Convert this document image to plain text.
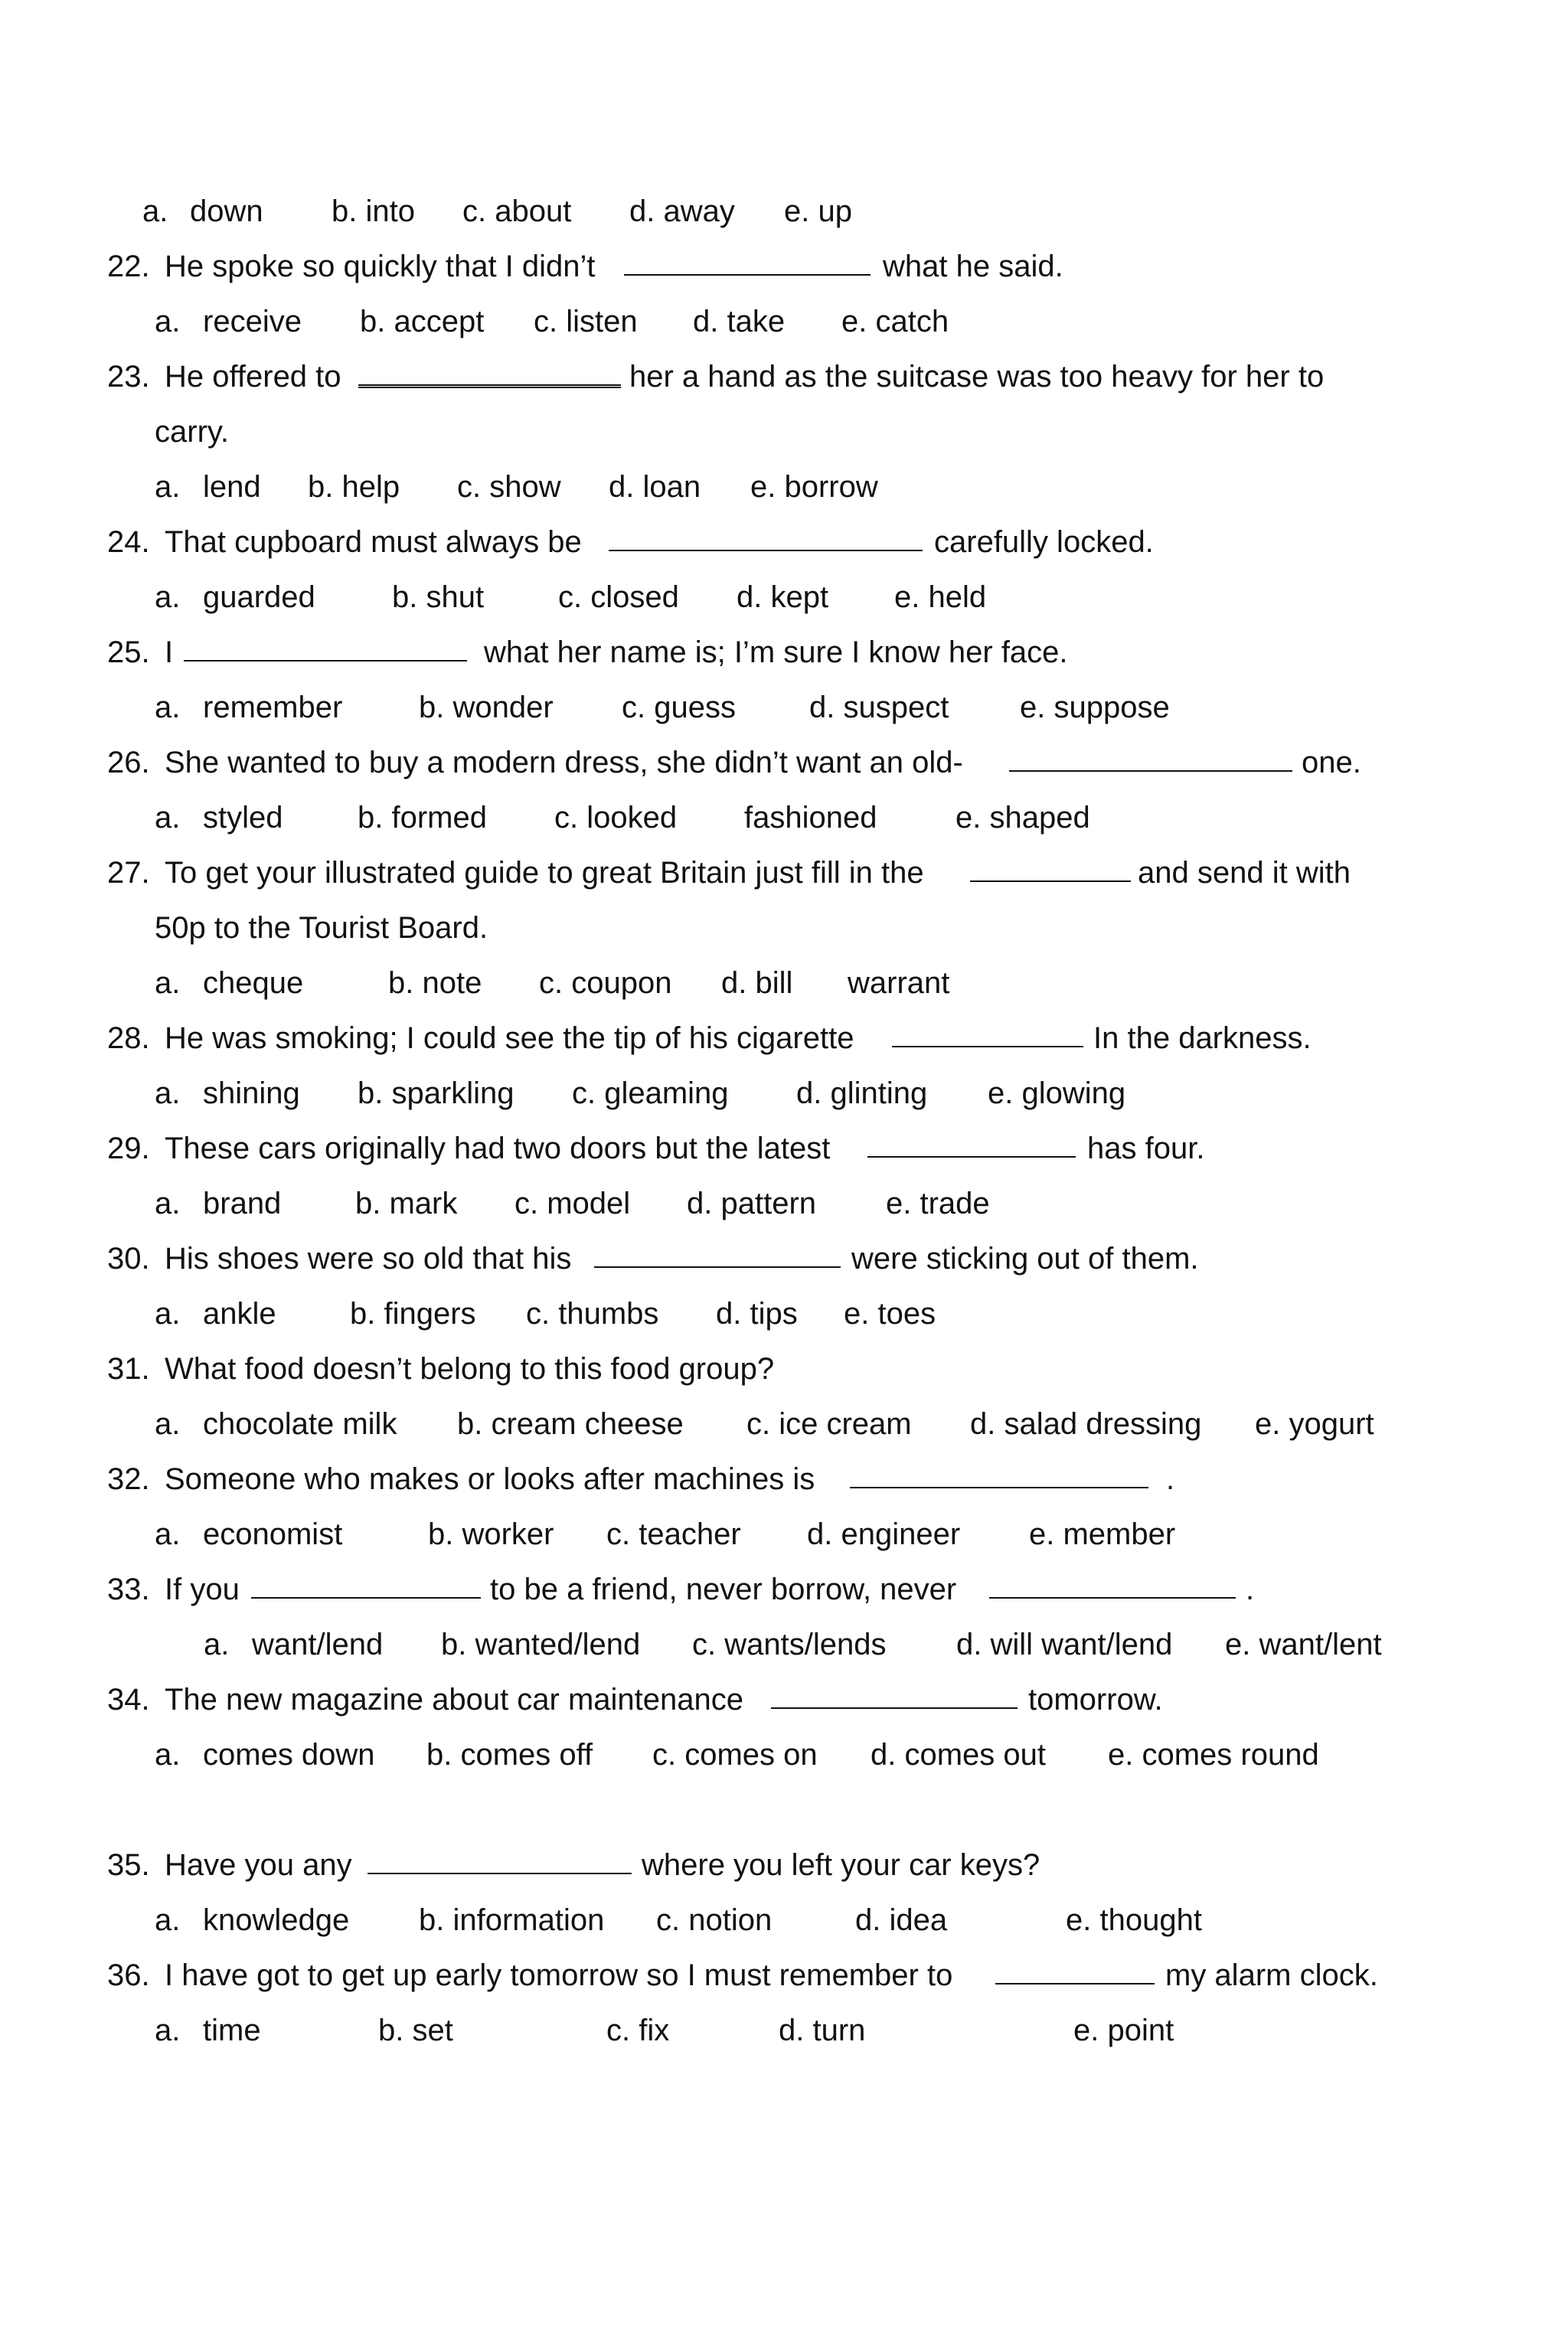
a.

down

b. into

c. about

d. away

e. up

22.

He spoke so quickly that I didn’t

	what he said.

a.

receive

b. accept

c. listen

d. take

e. catch

23.

He offered to

	her a hand as the suitcase was too heavy for her to

carry.

a.

lend

b. help

c. show

d. loan

e. borrow

24.

That cupboard must always be

	carefully locked.

a.

guarded

	b. shut

c. closed

d. kept

e. held

25.

I

	what her name is; I’m sure I know her face.

a.

remember

b. wonder

c. guess

d. suspect

e. suppose

26.

She wanted to buy a modern dress, she didn’t want an old-

	one.

a.

styled

b. formed

c. looked

fashioned

	e. shaped

27.

To get your illustrated guide to great Britain just fill in the

	and send it with

50p to the Tourist Board.

a.

cheque

	b. note

c. coupon

d. bill

warrant

28.

He was smoking; I could see the tip of his cigarette

	In the darkness.

a.

shining

b. sparkling

c. gleaming

d. glinting

e. glowing

29.

These cars originally had two doors but the latest

	has four.

a.

brand

b. mark

c. model

d. pattern

e. trade

30.

His shoes were so old that his

	were sticking out of them.

a.

ankle

b. fingers

c. thumbs

d. tips

e. toes

31.

What food doesn’t belong to this food group?

a.

chocolate milk

b. cream cheese

c. ice cream

d. salad dressing

e. yogurt

32.

Someone who makes or looks after machines is

	.

a.

economist

	b. worker

c. teacher

d. engineer

e. member

33.

If you

	to be a friend, never borrow, never

	.

a.

want/lend

b. wanted/lend

c. wants/lends

d. will want/lend

e. want/lent

34.

The new magazine about car maintenance

	tomorrow.

a.

comes down

b. comes off

c. comes on

d. comes out

e. comes round

35.

Have you any

	where you left your car keys?

a.

knowledge

b. information

c. notion

	d. idea

	e. thought

36.

I have got to get up early tomorrow so I must remember to

	my alarm clock.

a.

time

	b. set

	c. fix

	d. turn

	e. point
